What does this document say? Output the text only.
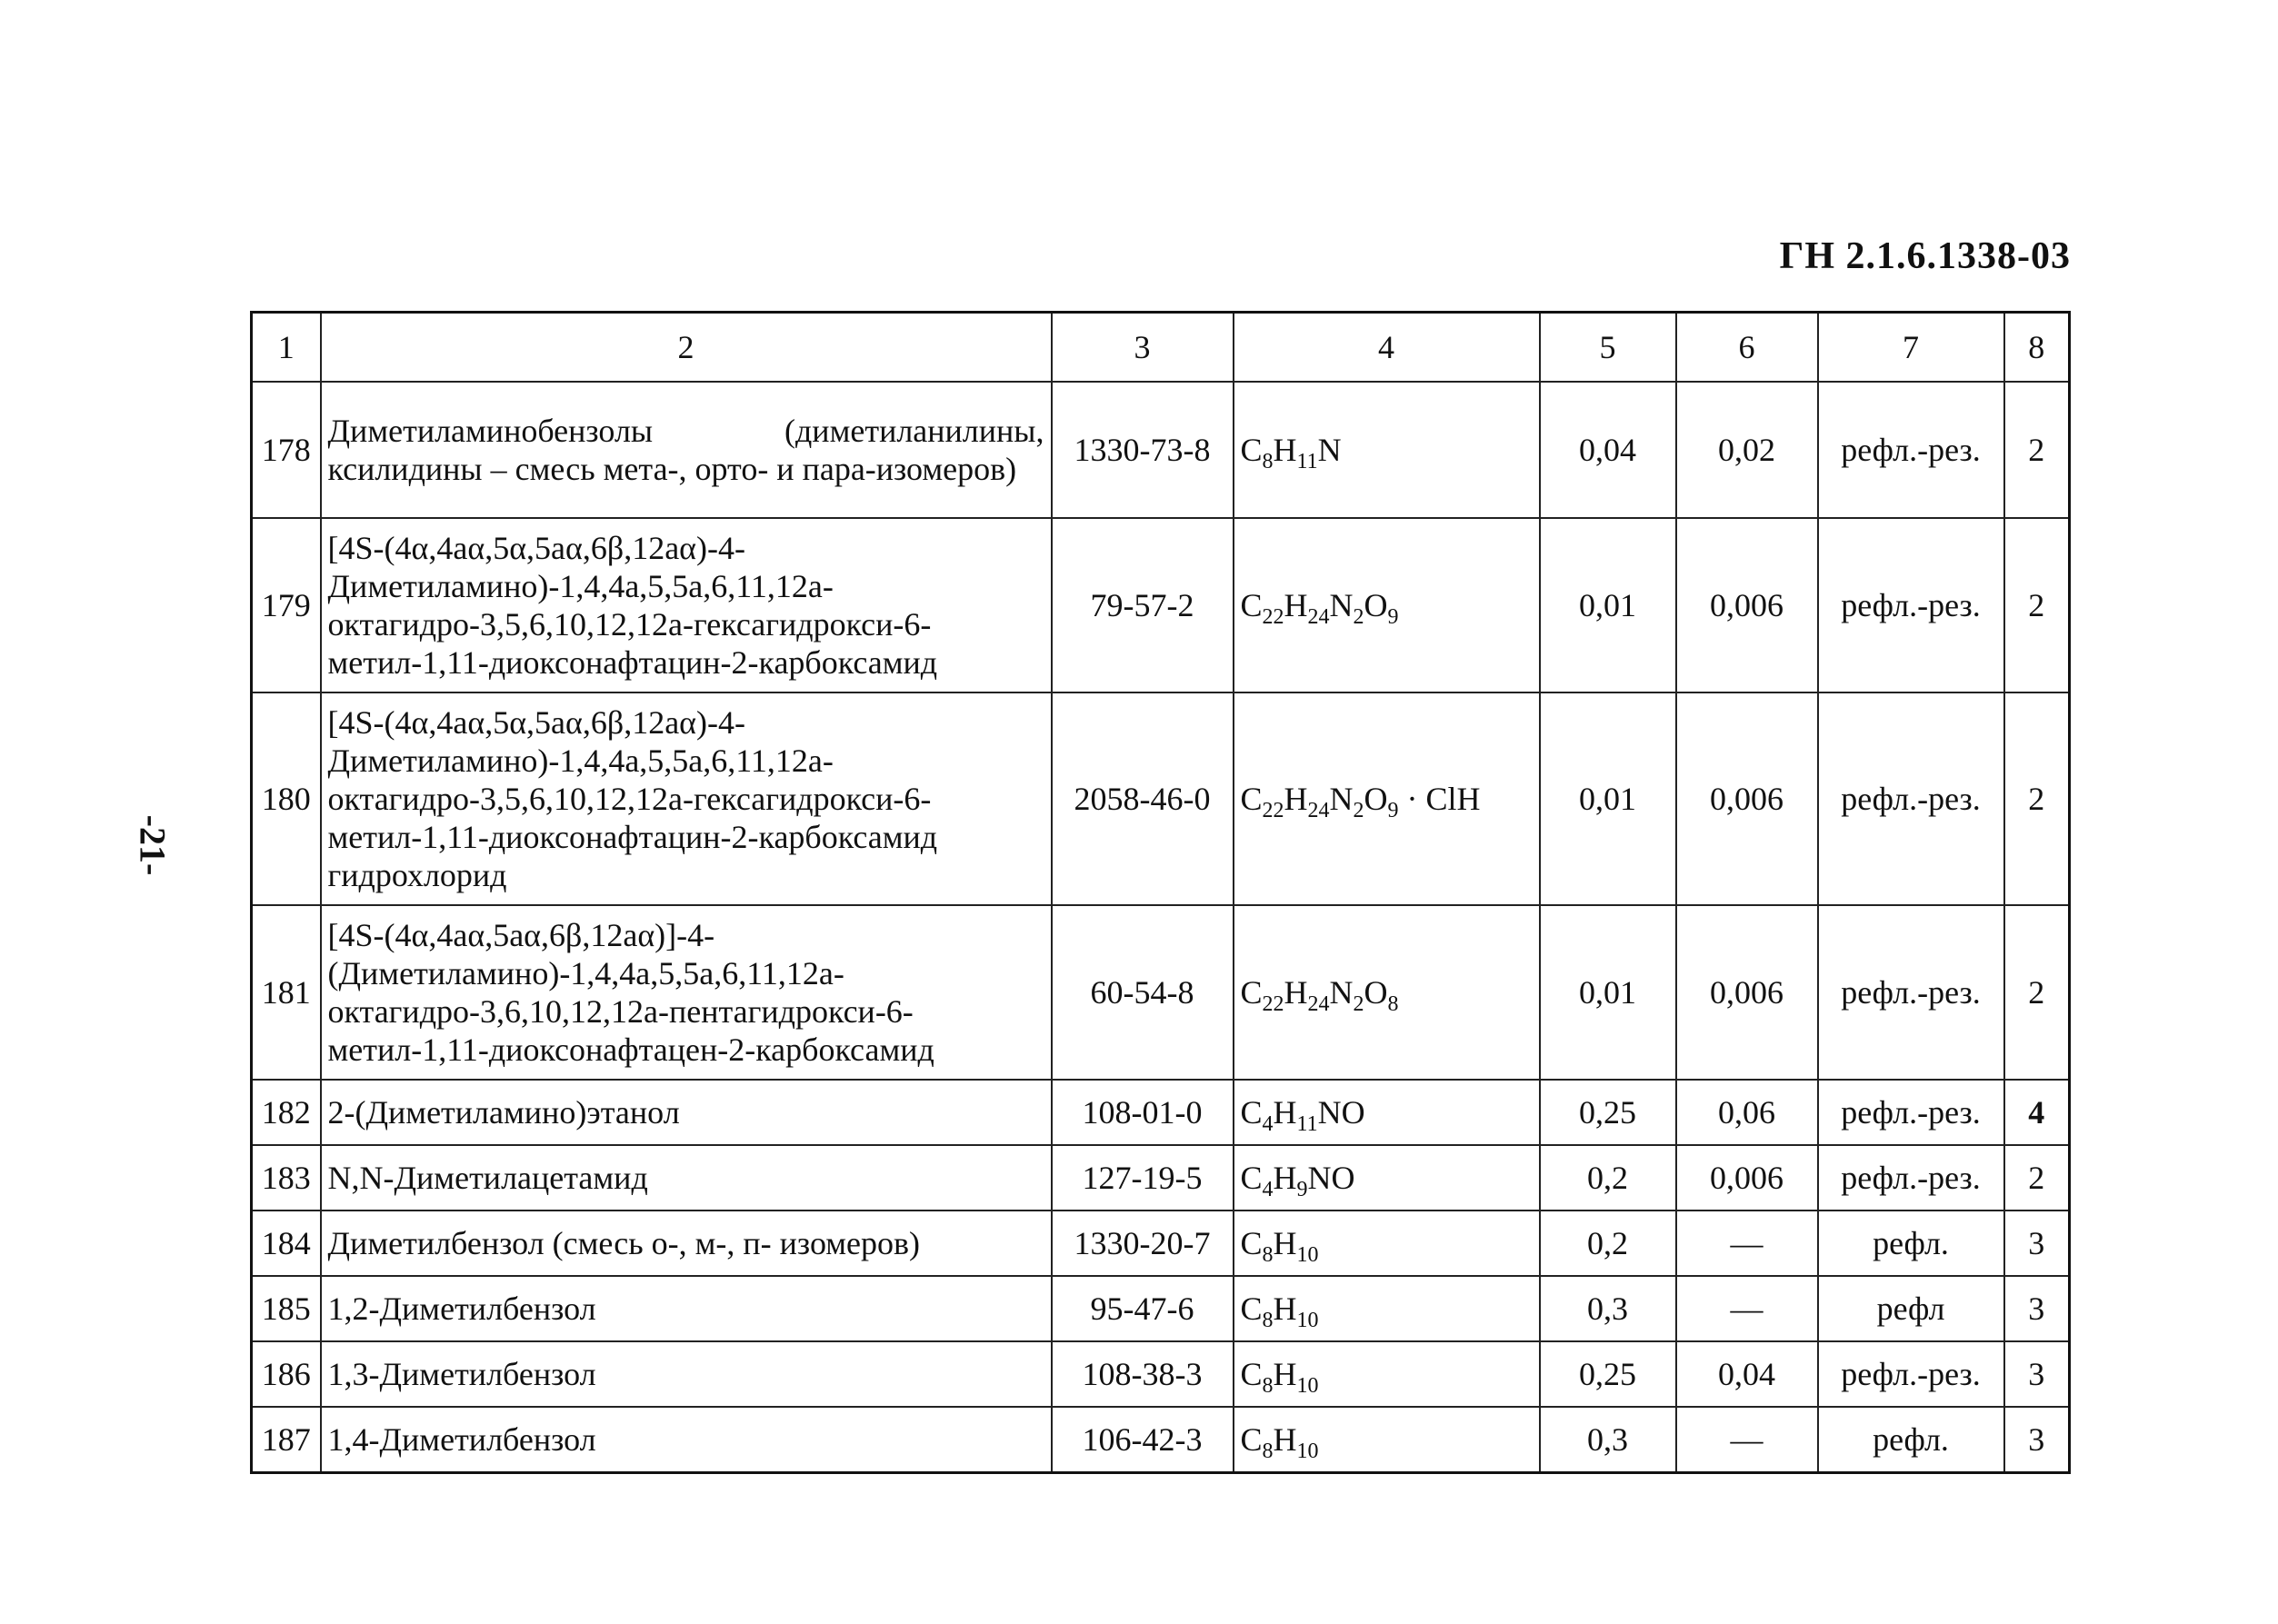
ГН 2.1.6.1338-03
-21-
1	2	3	4	5	6	7	8
178	Диметиламинобензолы (диметиланилины, ксилидины – смесь мета-, орто- и пара-изомеров)	1330-73-8	$C_8H_{11}N$	0,04	0,02	рефл.-рез.	2
179	[4S-(4α,4aα,5α,5aα,6β,12aα)-4-Диметиламино)-1,4,4a,5,5a,6,11,12a-октагидро-3,5,6,10,12,12a-гексагидрокси-6-метил-1,11-диоксонафтацин-2-карбоксамид	79-57-2	$C_{22}H_{24}N_2O_9$	0,01	0,006	рефл.-рез.	2
180	[4S-(4α,4aα,5α,5aα,6β,12aα)-4-Диметиламино)-1,4,4a,5,5a,6,11,12a-октагидро-3,5,6,10,12,12a-гексагидрокси-6-метил-1,11-диоксонафтацин-2-карбоксамид гидрохлорид	2058-46-0	$C_{22}H_{24}N_2O_9$ · ClH	0,01	0,006	рефл.-рез.	2
181	[4S-(4α,4aα,5aα,6β,12aα)]-4-(Диметиламино)-1,4,4a,5,5a,6,11,12a-октагидро-3,6,10,12,12a-пентагидрокси-6-метил-1,11-диоксонафтацен-2-карбоксамид	60-54-8	$C_{22}H_{24}N_2O_8$	0,01	0,006	рефл.-рез.	2
182	2-(Диметиламино)этанол	108-01-0	$C_4H_{11}NO$	0,25	0,06	рефл.-рез.	4
183	N,N-Диметилацетамид	127-19-5	$C_4H_9NO$	0,2	0,006	рефл.-рез.	2
184	Диметилбензол (смесь о-, м-, п- изомеров)	1330-20-7	$C_8H_{10}$	0,2	—	рефл.	3
185	1,2-Диметилбензол	95-47-6	$C_8H_{10}$	0,3	—	рефл	3
186	1,3-Диметилбензол	108-38-3	$C_8H_{10}$	0,25	0,04	рефл.-рез.	3
187	1,4-Диметилбензол	106-42-3	$C_8H_{10}$	0,3	—	рефл.	3
